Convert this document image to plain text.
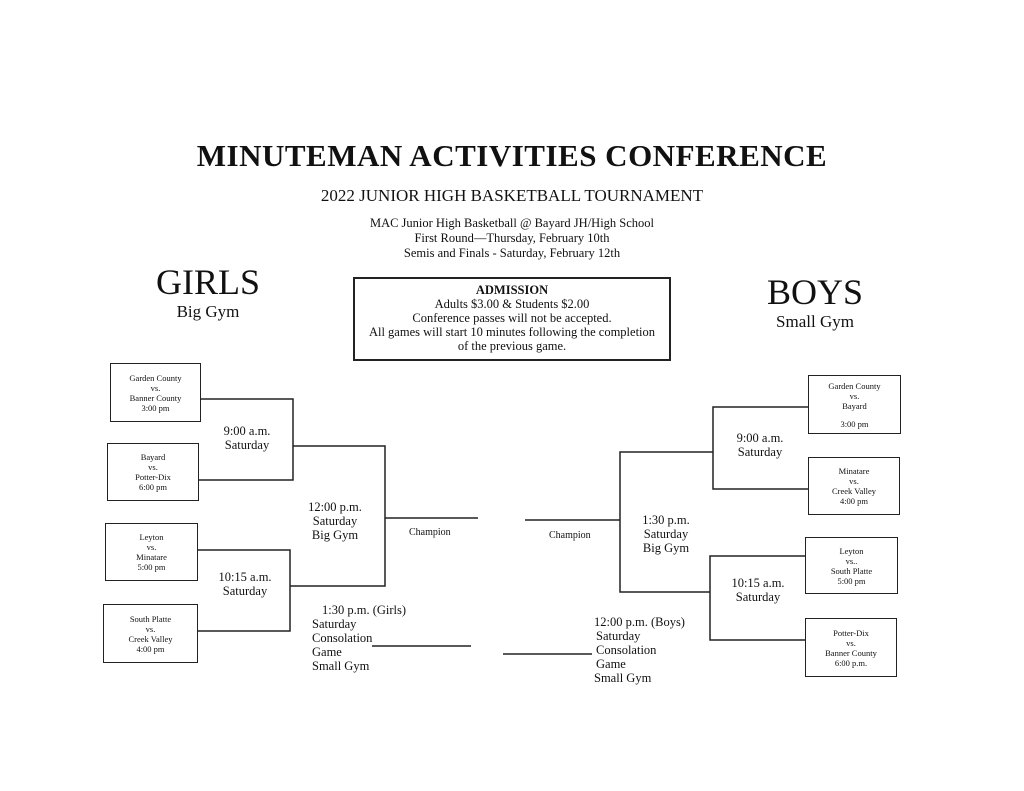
MINUTEMAN ACTIVITIES CONFERENCE
2022 JUNIOR HIGH BASKETBALL TOURNAMENT
MAC Junior High Basketball @ Bayard JH/High School
First Round—Thursday, February 10th
Semis and Finals - Saturday, February 12th
GIRLS
Big Gym	BOYS
Small Gym
ADMISSION
Adults $3.00 & Students $2.00
Conference passes will not be accepted.
All games will start 10 minutes following the completion
of the previous game.
Garden County
vs.
Banner County
3:00 pm
Bayard
vs.
Potter-Dix
6:00 pm
Leyton
vs.
Minatare
5:00 pm
South Platte
vs.
Creek Valley
4:00 pm
9:00 a.m.
Saturday
10:15 a.m.
Saturday
12:00 p.m.
Saturday
Big Gym	Champion
1:30 p.m. (Girls)
Saturday
Consolation
Game
Small Gym
Garden County
vs.
Bayard
3:00 pm
Minatare
vs.
Creek Valley
4:00 pm
Leyton
vs..
South Platte
5:00 pm
Potter-Dix
vs.
Banner County
6:00 p.m.
9:00 a.m.
Saturday
10:15 a.m.
Saturday
1:30 p.m.
Saturday
Big Gym
Champion
12:00 p.m. (Boys)
Saturday
Consolation
Game
Small Gym
